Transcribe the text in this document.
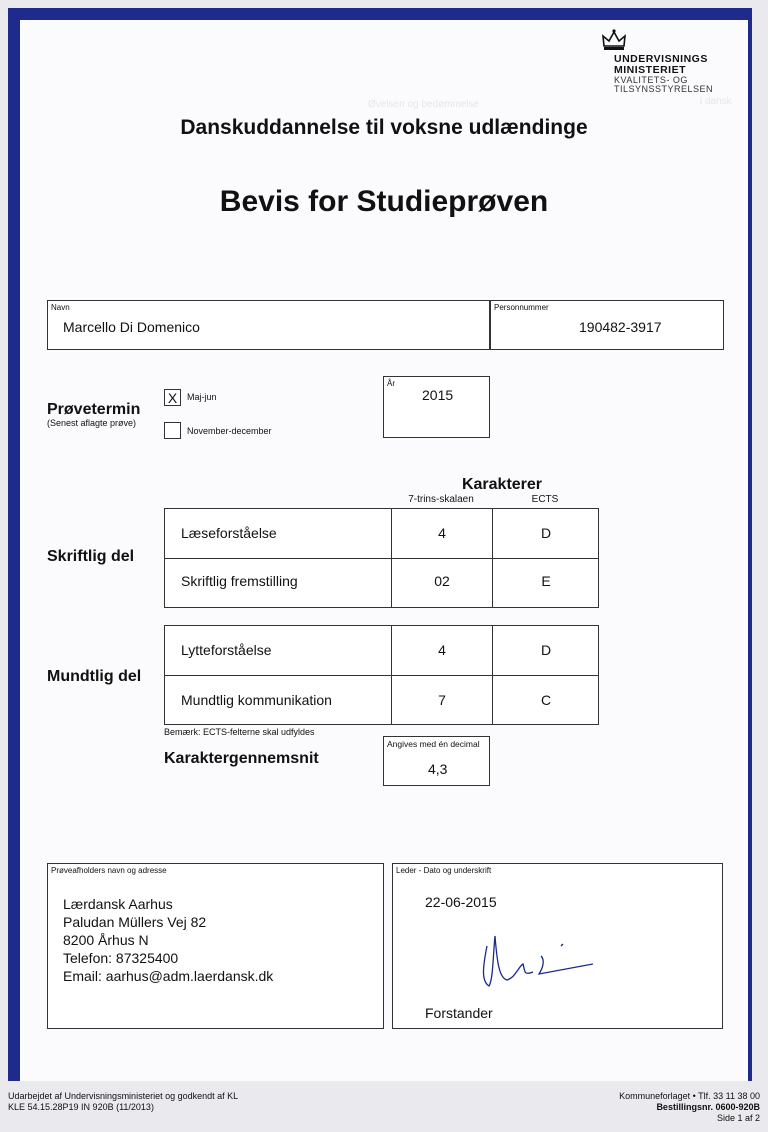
Øvelsen og bedømmelse	i dansk
UNDERVISNINGS
MINISTERIET
KVALITETS- OG
TILSYNSSTYRELSEN
Danskuddannelse til voksne udlændinge
Bevis for Studieprøven
Navn
Marcello Di Domenico
Personnummer
190482-3917
Prøvetermin
(Senest aflagte prøve)
X	Maj-jun
November-december
År
2015
Karakterer
7-trins-skalaen	ECTS
Skriftlig del
Læseforståelse	4	D
Skriftlig fremstilling	02	E
Mundtlig del
Lytteforståelse	4	D
Mundtlig kommunikation	7	C
Bemærk: ECTS-felterne skal udfyldes
Karaktergennemsnit
Angives med én decimal
4,3
Prøveafholders navn og adresse
Lærdansk Aarhus
Paludan Müllers Vej 82
8200 Århus N
Telefon: 87325400
Email: aarhus@adm.laerdansk.dk
Leder - Dato og underskrift
22-06-2015
Forstander
Udarbejdet af Undervisningsministeriet og godkendt af KL
KLE 54.15.28P19 IN 920B (11/2013)
Kommuneforlaget • Tlf. 33 11 38 00
Bestillingsnr. 0600-920B
Side 1 af 2
